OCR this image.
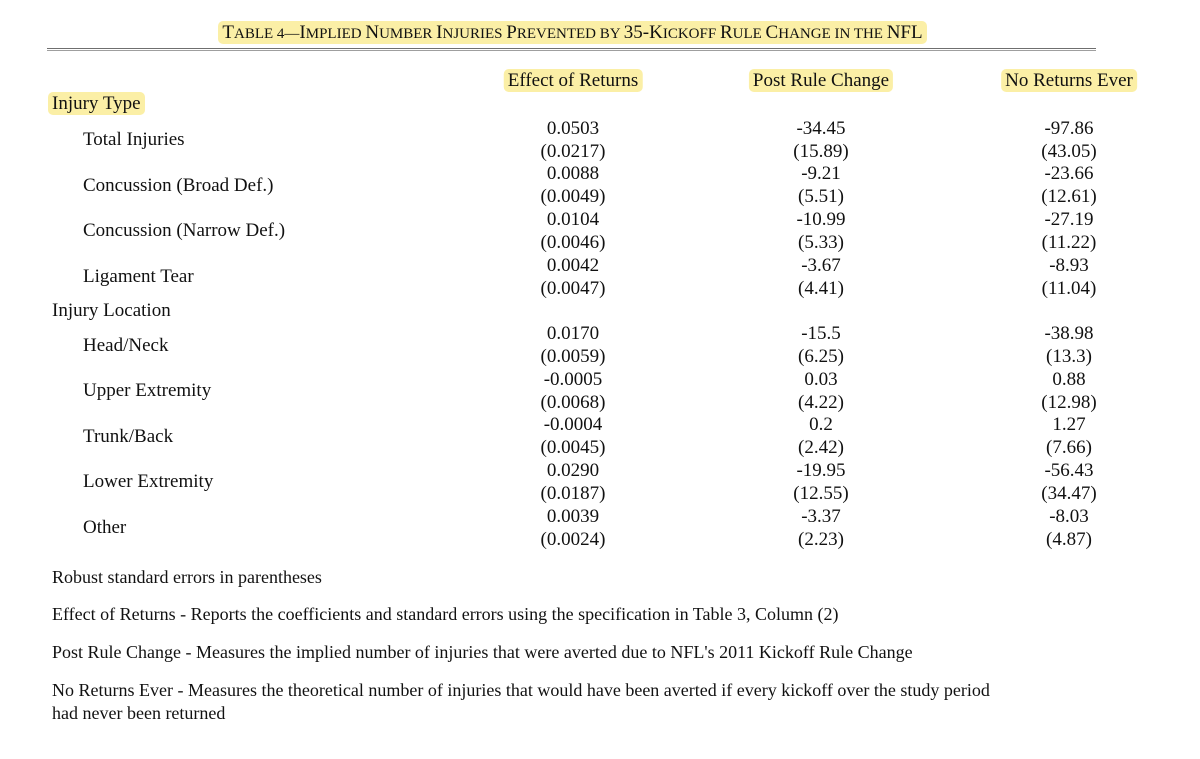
TABLE 4—IMPLIED NUMBER INJURIES PREVENTED BY 35-KICKOFF RULE CHANGE IN THE NFL
Effect of Returns	Post Rule Change	No Returns Ever
Injury Type
Injury Location
Total Injuries
Concussion (Broad Def.)
Concussion (Narrow Def.)
Ligament Tear
Head/Neck
Upper Extremity
Trunk/Back
Lower Extremity
Other
0.0503
(0.0217)
-34.45
(15.89)
-97.86
(43.05)
0.0088
(0.0049)
-9.21
(5.51)
-23.66
(12.61)
0.0104
(0.0046)
-10.99
(5.33)
-27.19
(11.22)
0.0042
(0.0047)
-3.67
(4.41)
-8.93
(11.04)
0.0170
(0.0059)
-15.5
(6.25)
-38.98
(13.3)
-0.0005
(0.0068)
0.03
(4.22)
0.88
(12.98)
-0.0004
(0.0045)
0.2
(2.42)
1.27
(7.66)
0.0290
(0.0187)
-19.95
(12.55)
-56.43
(34.47)
0.0039
(0.0024)
-3.37
(2.23)
-8.03
(4.87)
Robust standard errors in parentheses
Effect of Returns - Reports the coefficients and standard errors using the specification in Table 3, Column (2)
Post Rule Change - Measures the implied number of injuries that were averted due to NFL's 2011 Kickoff Rule Change
No Returns Ever - Measures the theoretical number of injuries that would have been averted if every kickoff over the study period
had never been returned
